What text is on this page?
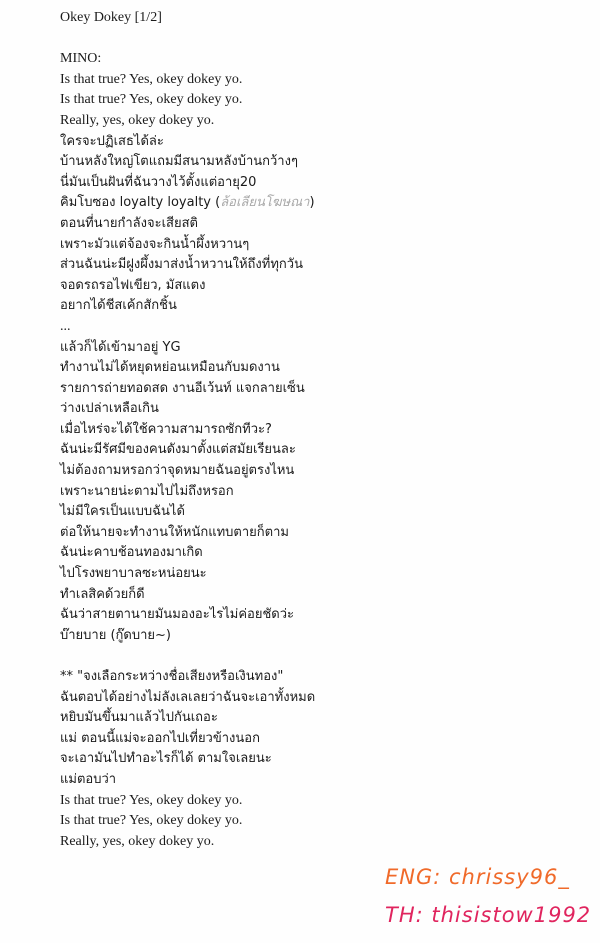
Okey Dokey [1/2]
MINO:
Is that true? Yes, okey dokey yo.
Is that true? Yes, okey dokey yo.
Really, yes, okey dokey yo.
ใครจะปฏิเสธได้ล่ะ
บ้านหลังใหญ่โตแถมมีสนามหลังบ้านกว้างๆ
นี่มันเป็นฝันที่ฉันวางไว้ตั้งแต่อายุ20
คิมโบซอง loyalty loyalty (ล้อเลียนโฆษณา)
ตอนที่นายกำลังจะเสียสติ
เพราะมัวแต่จ้องจะกินน้ำผึ้งหวานๆ
ส่วนฉันน่ะมีฝูงผึ้งมาส่งน้ำหวานให้ถึงที่ทุกวัน
จอดรถรอไฟเขียว, มัสแตง
อยากได้ชีสเค้กสักชิ้น
...
แล้วก็ได้เข้ามาอยู่ YG
ทำงานไม่ได้หยุดหย่อนเหมือนกับมดงาน
รายการถ่ายทอดสด งานอีเว้นท์ แจกลายเซ็น
ว่างเปล่าเหลือเกิน
เมื่อไหร่จะได้ใช้ความสามารถซักทีวะ?
ฉันน่ะมีรัศมีของคนดังมาตั้งแต่สมัยเรียนละ
ไม่ต้องถามหรอกว่าจุดหมายฉันอยู่ตรงไหน
เพราะนายน่ะตามไปไม่ถึงหรอก
ไม่มีใครเป็นแบบฉันได้
ต่อให้นายจะทำงานให้หนักแทบตายก็ตาม
ฉันน่ะคาบช้อนทองมาเกิด
ไปโรงพยาบาลซะหน่อยนะ
ทำเลสิคด้วยก็ดี
ฉันว่าสายตานายมันมองอะไรไม่ค่อยชัดว่ะ
บ๊ายบาย (กู๊ดบาย~)
** "จงเลือกระหว่างชื่อเสียงหรือเงินทอง"
ฉันตอบได้อย่างไม่ลังเลเลยว่าฉันจะเอาทั้งหมด
หยิบมันขึ้นมาแล้วไปกันเถอะ
แม่ ตอนนี้แม่จะออกไปเที่ยวข้างนอก
จะเอามันไปทำอะไรก็ได้ ตามใจเลยนะ
แม่ตอบว่า
Is that true? Yes, okey dokey yo.
Is that true? Yes, okey dokey yo.
Really, yes, okey dokey yo.
ENG: chrissy96_
TH: thisistow1992
